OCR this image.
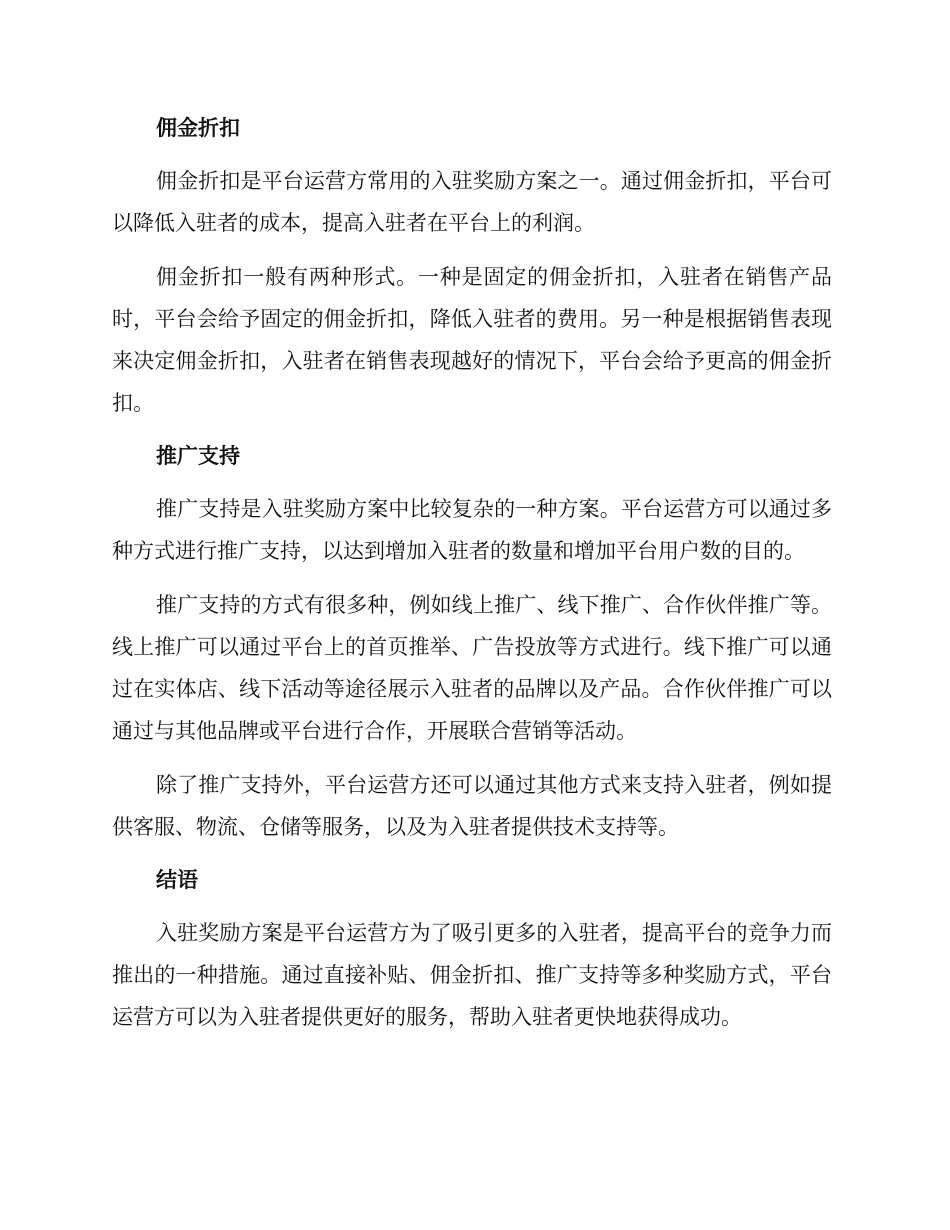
佣金折扣

佣金折扣是平台运营方常用的入驻奖励方案之一。通过佣金折扣，平台可以降低入驻者的成本，提高入驻者在平台上的利润。

佣金折扣一般有两种形式。一种是固定的佣金折扣，入驻者在销售产品时，平台会给予固定的佣金折扣，降低入驻者的费用。另一种是根据销售表现来决定佣金折扣，入驻者在销售表现越好的情况下，平台会给予更高的佣金折扣。

推广支持

推广支持是入驻奖励方案中比较复杂的一种方案。平台运营方可以通过多种方式进行推广支持，以达到增加入驻者的数量和增加平台用户数的目的。

推广支持的方式有很多种，例如线上推广、线下推广、合作伙伴推广等。线上推广可以通过平台上的首页推举、广告投放等方式进行。线下推广可以通过在实体店、线下活动等途径展示入驻者的品牌以及产品。合作伙伴推广可以通过与其他品牌或平台进行合作，开展联合营销等活动。

除了推广支持外，平台运营方还可以通过其他方式来支持入驻者，例如提供客服、物流、仓储等服务，以及为入驻者提供技术支持等。

结语

入驻奖励方案是平台运营方为了吸引更多的入驻者，提高平台的竞争力而推出的一种措施。通过直接补贴、佣金折扣、推广支持等多种奖励方式，平台运营方可以为入驻者提供更好的服务，帮助入驻者更快地获得成功。
